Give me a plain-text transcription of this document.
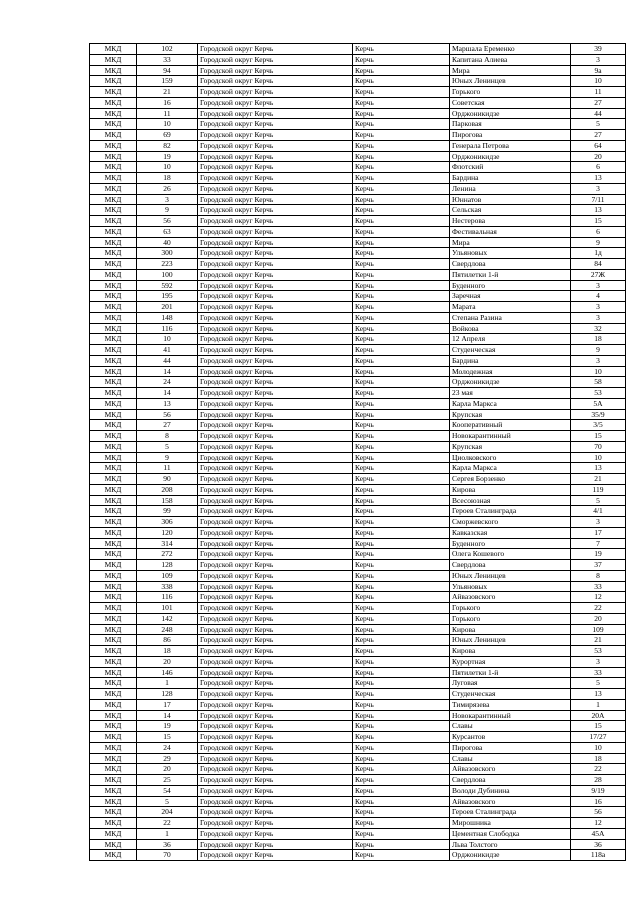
МКД	102	Городской округ Керчь	Керчь	Маршала Еременко	39
МКД	33	Городской округ Керчь	Керчь	Капитана Алиева	3
МКД	94	Городской округ Керчь	Керчь	Мира	9а
МКД	159	Городской округ Керчь	Керчь	Юных Ленинцев	10
МКД	21	Городской округ Керчь	Керчь	Горького	11
МКД	16	Городской округ Керчь	Керчь	Советская	27
МКД	11	Городской округ Керчь	Керчь	Орджоникидзе	44
МКД	10	Городской округ Керчь	Керчь	Парковая	5
МКД	69	Городской округ Керчь	Керчь	Пирогова	27
МКД	82	Городской округ Керчь	Керчь	Генерала Петрова	64
МКД	19	Городской округ Керчь	Керчь	Орджоникидзе	20
МКД	10	Городской округ Керчь	Керчь	Флотский	6
МКД	18	Городской округ Керчь	Керчь	Бардина	13
МКД	26	Городской округ Керчь	Керчь	Ленина	3
МКД	3	Городской округ Керчь	Керчь	Юннатов	7/11
МКД	9	Городской округ Керчь	Керчь	Сельская	13
МКД	56	Городской округ Керчь	Керчь	Нестерова	15
МКД	63	Городской округ Керчь	Керчь	Фестивальная	6
МКД	40	Городской округ Керчь	Керчь	Мира	9
МКД	300	Городской округ Керчь	Керчь	Ульяновых	1д
МКД	223	Городской округ Керчь	Керчь	Свердлова	84
МКД	100	Городской округ Керчь	Керчь	Пятилетки 1-й	27Ж
МКД	592	Городской округ Керчь	Керчь	Буденного	3
МКД	195	Городской округ Керчь	Керчь	Заречная	4
МКД	201	Городской округ Керчь	Керчь	Марата	3
МКД	148	Городской округ Керчь	Керчь	Степана Разина	3
МКД	116	Городской округ Керчь	Керчь	Войкова	32
МКД	10	Городской округ Керчь	Керчь	12 Апреля	18
МКД	41	Городской округ Керчь	Керчь	Студенческая	9
МКД	44	Городской округ Керчь	Керчь	Бардина	3
МКД	14	Городской округ Керчь	Керчь	Молодежная	10
МКД	24	Городской округ Керчь	Керчь	Орджоникидзе	58
МКД	14	Городской округ Керчь	Керчь	23 мая	53
МКД	13	Городской округ Керчь	Керчь	Карла Маркса	5А
МКД	56	Городской округ Керчь	Керчь	Крупская	35/9
МКД	27	Городской округ Керчь	Керчь	Кооперативный	3/5
МКД	8	Городской округ Керчь	Керчь	Новокарантинный	15
МКД	5	Городской округ Керчь	Керчь	Крупская	70
МКД	9	Городской округ Керчь	Керчь	Циолковского	10
МКД	11	Городской округ Керчь	Керчь	Карла Маркса	13
МКД	90	Городской округ Керчь	Керчь	Сергея Борзенко	21
МКД	208	Городской округ Керчь	Керчь	Кирова	119
МКД	158	Городской округ Керчь	Керчь	Всесоюзная	5
МКД	99	Городской округ Керчь	Керчь	Героев Сталинграда	4/1
МКД	306	Городской округ Керчь	Керчь	Сморжевского	3
МКД	120	Городской округ Керчь	Керчь	Кавказская	17
МКД	314	Городской округ Керчь	Керчь	Буденного	7
МКД	272	Городской округ Керчь	Керчь	Олега Кошевого	19
МКД	128	Городской округ Керчь	Керчь	Свердлова	37
МКД	109	Городской округ Керчь	Керчь	Юных Ленинцев	8
МКД	338	Городской округ Керчь	Керчь	Ульяновых	33
МКД	116	Городской округ Керчь	Керчь	Айвазовского	12
МКД	101	Городской округ Керчь	Керчь	Горького	22
МКД	142	Городской округ Керчь	Керчь	Горького	20
МКД	248	Городской округ Керчь	Керчь	Кирова	109
МКД	86	Городской округ Керчь	Керчь	Юных Ленинцев	21
МКД	18	Городской округ Керчь	Керчь	Кирова	53
МКД	20	Городской округ Керчь	Керчь	Курортная	3
МКД	146	Городской округ Керчь	Керчь	Пятилетки 1-й	33
МКД	1	Городской округ Керчь	Керчь	Луговая	5
МКД	128	Городской округ Керчь	Керчь	Студенческая	13
МКД	17	Городской округ Керчь	Керчь	Тимирязева	1
МКД	14	Городской округ Керчь	Керчь	Новокарантинный	20А
МКД	19	Городской округ Керчь	Керчь	Славы	15
МКД	15	Городской округ Керчь	Керчь	Курсантов	17/27
МКД	24	Городской округ Керчь	Керчь	Пирогова	10
МКД	29	Городской округ Керчь	Керчь	Славы	18
МКД	20	Городской округ Керчь	Керчь	Айвазовского	22
МКД	25	Городской округ Керчь	Керчь	Свердлова	28
МКД	54	Городской округ Керчь	Керчь	Володи Дубинина	9/19
МКД	5	Городской округ Керчь	Керчь	Айвазовского	16
МКД	204	Городской округ Керчь	Керчь	Героев Сталинграда	56
МКД	22	Городской округ Керчь	Керчь	Мирошника	12
МКД	1	Городской округ Керчь	Керчь	Цементная Слободка	45А
МКД	36	Городской округ Керчь	Керчь	Льва Толстого	36
МКД	70	Городской округ Керчь	Керчь	Орджоникидзе	118а
